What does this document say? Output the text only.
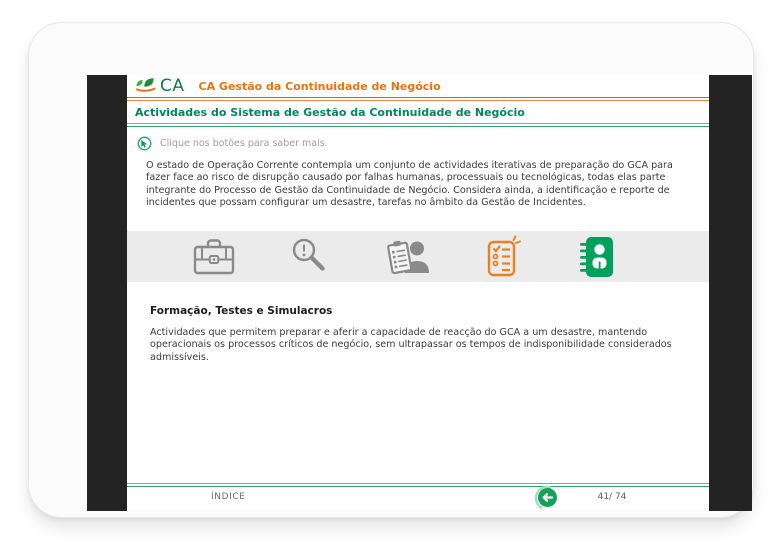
CA CA Gestão da Continuidade de Negócio
Actividades do Sistema de Gestão da Continuidade de Negócio
Clique nos botões para saber mais.
O estado de Operação Corrente contempla um conjunto de actividades iterativas de preparação do GCA para fazer face ao risco de disrupção causado por falhas humanas, processuais ou tecnológicas, todas elas parte integrante do Processo de Gestão da Continuidade de Negócio. Considera ainda, a identificação e reporte de incidentes que possam configurar um desastre, tarefas no âmbito da Gestão de Incidentes.
Formação, Testes e Simulacros

Actividades que permitem preparar e aferir a capacidade de reacção do GCA a um desastre, mantendo operacionais os processos críticos de negócio, sem ultrapassar os tempos de indisponibilidade considerados admissíveis.

ÍNDICE	41/ 74
